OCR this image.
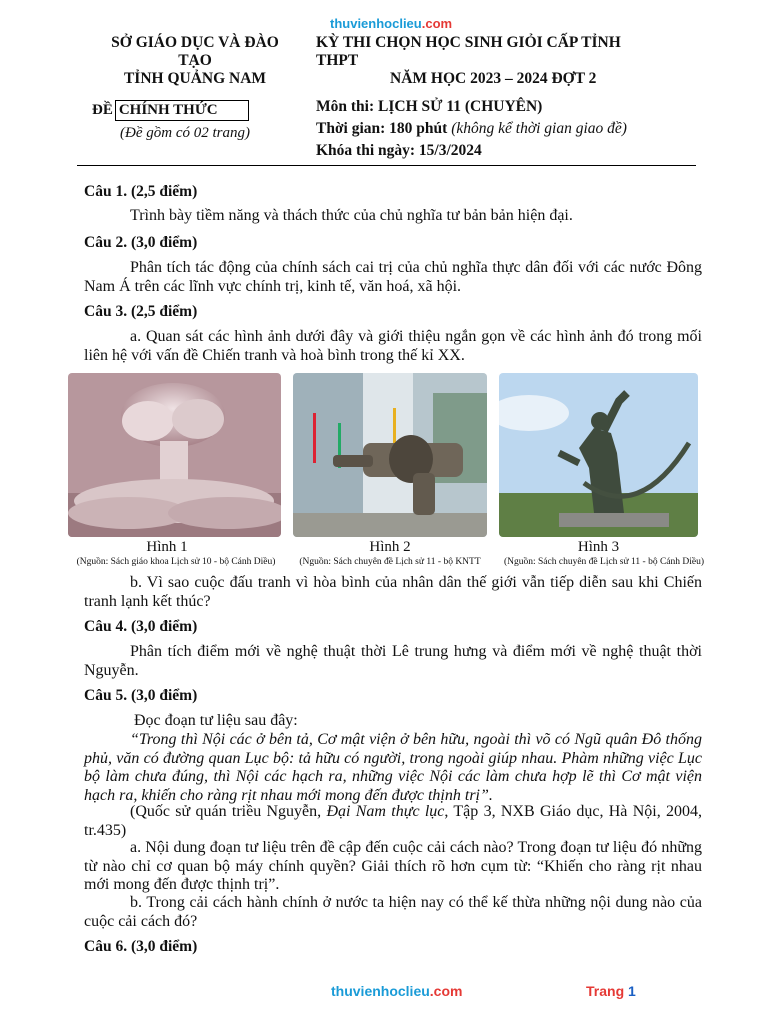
thuvienhoclieu.com
SỞ GIÁO DỤC VÀ ĐÀO
TẠO
TỈNH QUẢNG NAM
KỲ THI CHỌN HỌC SINH GIỎI CẤP TỈNH
THPT
NĂM HỌC 2023 – 2024 ĐỢT 2
ĐỀ CHÍNH THỨC
(Đề gồm có 02 trang)
Môn thi: LỊCH SỬ 11 (CHUYÊN)
Thời gian: 180 phút (không kể thời gian giao đề)
Khóa thi ngày: 15/3/2024
Câu 1. (2,5 điểm)
Trình bày tiềm năng và thách thức của chủ nghĩa tư bản bản hiện đại.
Câu 2. (3,0 điểm)
Phân tích tác động của chính sách cai trị của chủ nghĩa thực dân đối với các nước Đông Nam Á trên các lĩnh vực chính trị, kinh tế, văn hoá, xã hội.
Câu 3. (2,5 điểm)
a. Quan sát các hình ảnh dưới đây và giới thiệu ngắn gọn về các hình ảnh đó trong mối liên hệ với vấn đề Chiến tranh và hoà bình trong thế kỉ XX.
Hình 1	Hình 2	Hình 3
(Nguồn: Sách giáo khoa Lịch sử 10 - bộ Cánh Diều)	(Nguồn: Sách chuyên đề Lịch sử 11 - bộ KNTT	(Nguồn: Sách chuyên đề Lịch sử 11 - bộ Cánh Diều)
b. Vì sao cuộc đấu tranh vì hòa bình của nhân dân thế giới vẫn tiếp diễn sau khi Chiến tranh lạnh kết thúc?
Câu 4. (3,0 điểm)
Phân tích điểm mới về nghệ thuật thời Lê trung hưng và điểm mới về nghệ thuật thời Nguyễn.
Câu 5. (3,0 điểm)
Đọc đoạn tư liệu sau đây:
“Trong thì Nội các ở bên tả, Cơ mật viện ở bên hữu, ngoài thì võ có Ngũ quân Đô thống phủ, văn có đường quan Lục bộ: tả hữu có người, trong ngoài giúp nhau. Phàm những việc Lục bộ làm chưa đúng, thì Nội các hạch ra, những việc Nội các làm chưa hợp lẽ thì Cơ mật viện hạch ra, khiến cho ràng rịt nhau mới mong đến được thịnh trị”.
(Quốc sử quán triều Nguyễn, Đại Nam thực lục, Tập 3, NXB Giáo dục, Hà Nội, 2004, tr.435)
a. Nội dung đoạn tư liệu trên đề cập đến cuộc cải cách nào? Trong đoạn tư liệu đó những từ nào chỉ cơ quan bộ máy chính quyền? Giải thích rõ hơn cụm từ: “Khiến cho ràng rịt nhau mới mong đến được thịnh trị”.
b. Trong cải cách hành chính ở nước ta hiện nay có thể kế thừa những nội dung nào của cuộc cải cách đó?
Câu 6. (3,0 điểm)
thuvienhoclieu.com	Trang 1
